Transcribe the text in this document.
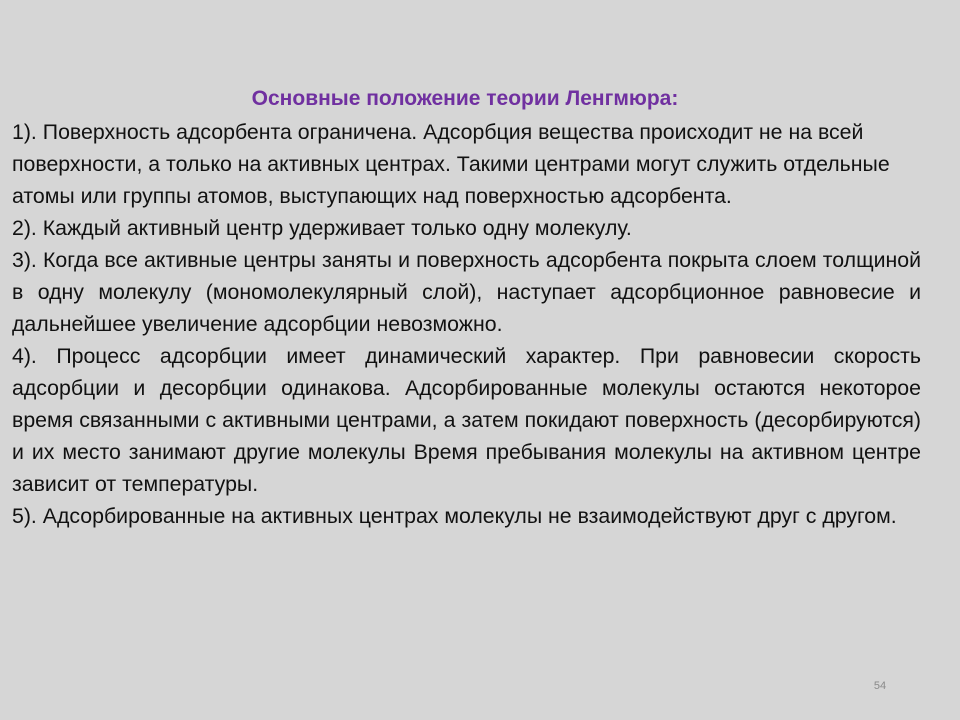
Основные положение теории Ленгмюра:

1). Поверхность адсорбента ограничена. Адсорбция вещества происходит не на всей поверхности, а только на активных центрах. Такими центрами могут служить отдельные атомы или группы атомов, выступающих над поверхностью адсорбента.

2). Каждый активный центр удерживает только одну молекулу.

3). Когда все активные центры заняты и поверхность адсорбента покрыта слоем толщиной в одну молекулу (мономолекулярный слой), наступает адсорбционное равновесие и дальнейшее увеличение адсорбции невозможно.

4). Процесс адсорбции имеет динамический характер. При равновесии скорость адсорбции и десорбции одинакова. Адсорбированные молекулы остаются некоторое время связанными с активными центрами, а затем покидают поверхность (десорбируются) и их место занимают другие молекулы Время пребывания молекулы на активном центре зависит от температуры.

5). Адсорбированные на активных центрах молекулы не взаимодействуют друг с другом.

54
